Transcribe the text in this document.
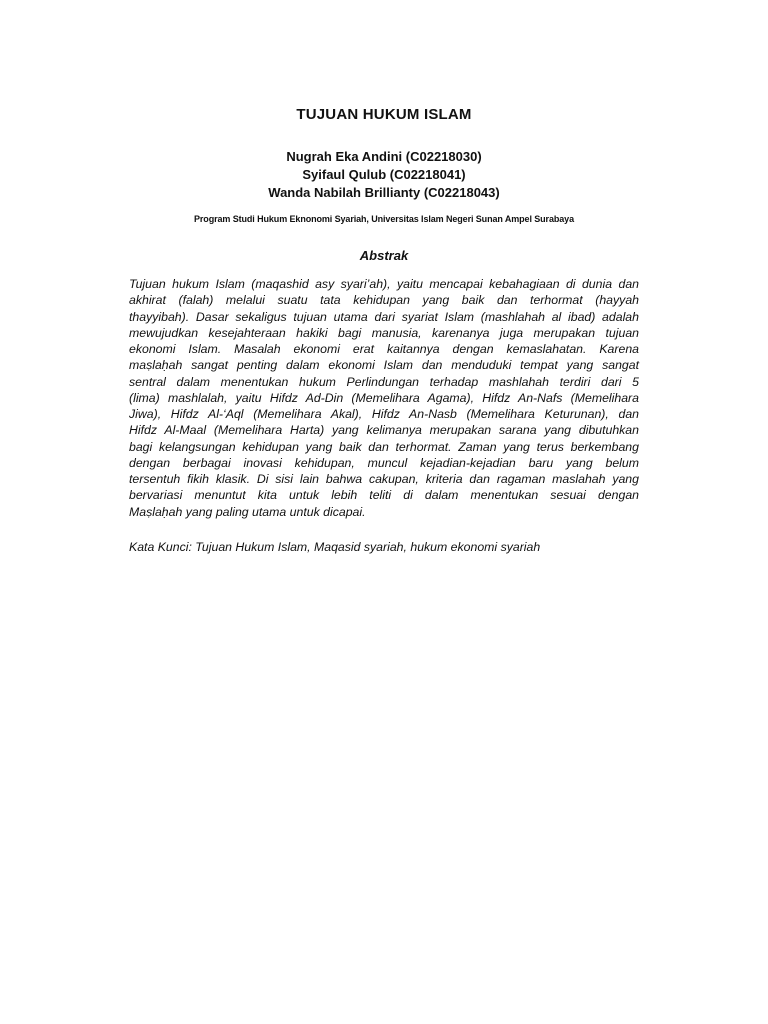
TUJUAN HUKUM ISLAM
Nugrah Eka Andini (C02218030)
Syifaul Qulub (C02218041)
Wanda Nabilah Brillianty (C02218043)
Program Studi Hukum Eknonomi Syariah, Universitas Islam Negeri Sunan Ampel Surabaya
Abstrak
Tujuan hukum Islam (maqashid asy syari’ah), yaitu mencapai kebahagiaan di dunia dan
akhirat (falah) melalui suatu tata kehidupan yang baik dan terhormat (hayyah
thayyibah). Dasar sekaligus tujuan utama dari syariat Islam (mashlahah al ibad) adalah
mewujudkan kesejahteraan hakiki bagi manusia, karenanya juga merupakan tujuan
ekonomi Islam. Masalah ekonomi erat kaitannya dengan kemaslahatan. Karena
maṣlaḥah sangat penting dalam ekonomi Islam dan menduduki tempat yang sangat
sentral dalam menentukan hukum Perlindungan terhadap mashlahah terdiri dari 5
(lima) mashlalah, yaitu Hifdz Ad-Din (Memelihara Agama), Hifdz An-Nafs (Memelihara
Jiwa), Hifdz Al-‘Aql (Memelihara Akal), Hifdz An-Nasb (Memelihara Keturunan), dan
Hifdz Al-Maal (Memelihara Harta) yang kelimanya merupakan sarana yang dibutuhkan
bagi kelangsungan kehidupan yang baik dan terhormat. Zaman yang terus berkembang
dengan berbagai inovasi kehidupan, muncul kejadian-kejadian baru yang belum
tersentuh fikih klasik. Di sisi lain bahwa cakupan, kriteria dan ragaman maslahah yang
bervariasi menuntut kita untuk lebih teliti di dalam menentukan sesuai dengan
Maṣlaḥah yang paling utama untuk dicapai.
Kata Kunci: Tujuan Hukum Islam, Maqasid syariah, hukum ekonomi syariah
